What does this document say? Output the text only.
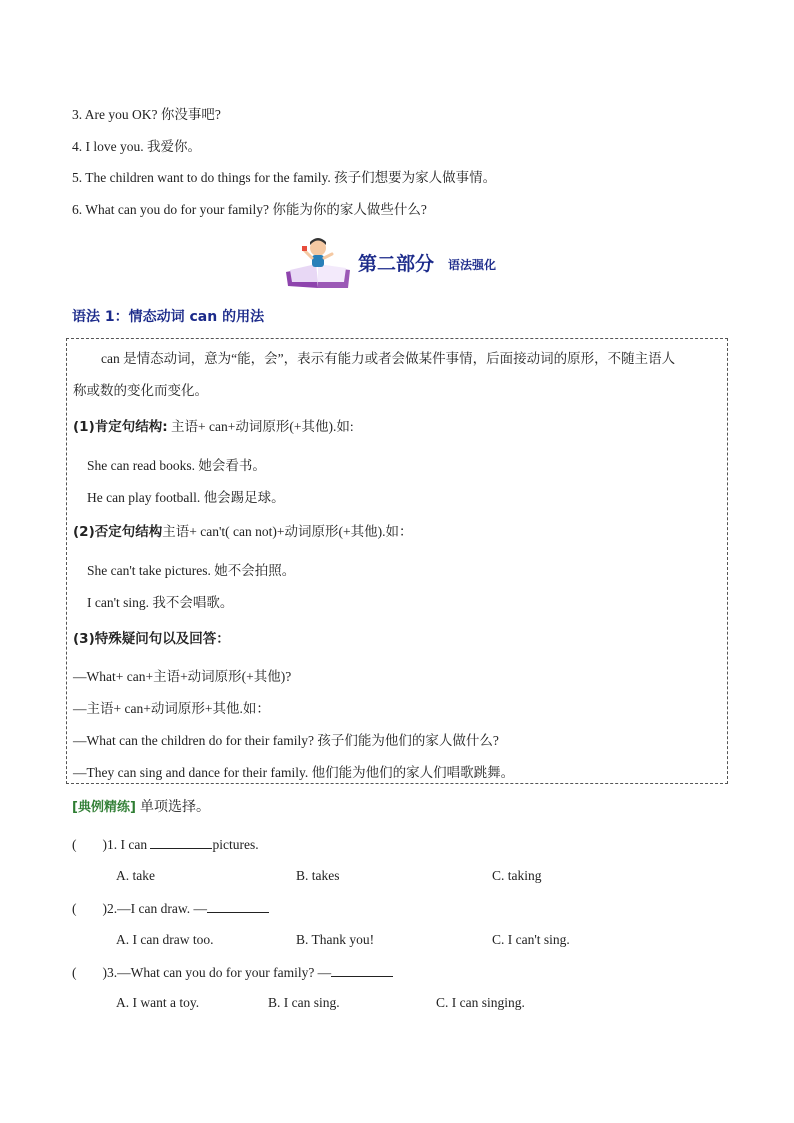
3. Are you OK? 你没事吧?
4. I love you. 我爱你。
5. The children want to do things for the family. 孩子们想要为家人做事情。
6. What can you do for your family? 你能为你的家人做些什么?
第二部分 语法强化
语法 1：情态动词 can 的用法
can 是情态动词，意为“能，会”，表示有能力或者会做某件事情，后面接动词的原形，不随主语人
称或数的变化而变化。
(1)肯定句结构: 主语+ can+动词原形(+其他).如:
She can read books. 她会看书。
He can play football. 他会踢足球。
(2)否定句结构主语+ can't( can not)+动词原形(+其他).如：
She can't take pictures. 她不会拍照。
I can't sing. 我不会唱歌。
(3)特殊疑问句以及回答：
—What+ can+主语+动词原形(+其他)?
—主语+ can+动词原形+其他.如：
—What can the children do for their family? 孩子们能为他们的家人做什么?
—They can sing and dance for their family. 他们能为他们的家人们唱歌跳舞。
[典例精练] 单项选择。
( )1. I can	pictures.
A. take	B. takes	C. taking
( )2.—I can draw. —
A. I can draw too.	B. Thank you!	C. I can't sing.
( )3.—What can you do for your family? —
A. I want a toy.	B. I can sing.	C. I can singing.
